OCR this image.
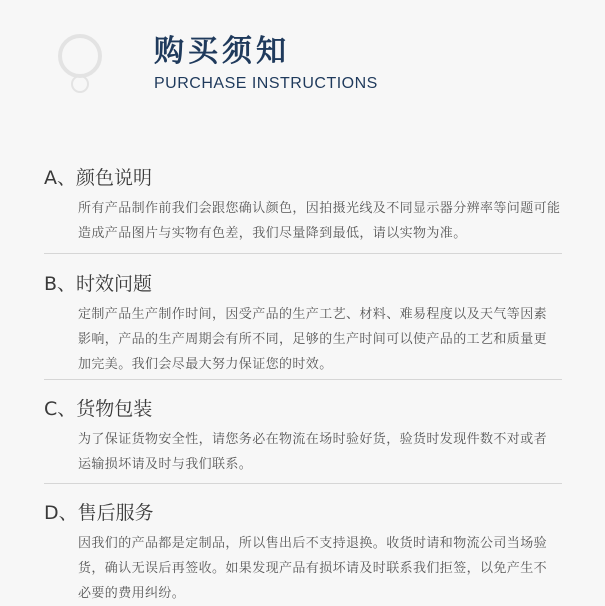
购买须知
PURCHASE INSTRUCTIONS
A、颜色说明

所有产品制作前我们会跟您确认颜色，因拍摄光线及不同显示器分辨率等问题可能

造成产品图片与实物有色差，我们尽量降到最低，请以实物为准。

B、时效问题

定制产品生产制作时间，因受产品的生产工艺、材料、难易程度以及天气等因素

影响，产品的生产周期会有所不同，足够的生产时间可以使产品的工艺和质量更

加完美。我们会尽最大努力保证您的时效。

C、货物包装

为了保证货物安全性，请您务必在物流在场时验好货，验货时发现件数不对或者

运输损坏请及时与我们联系。

D、售后服务

因我们的产品都是定制品，所以售出后不支持退换。收货时请和物流公司当场验

货，确认无误后再签收。如果发现产品有损坏请及时联系我们拒签，以免产生不

必要的费用纠纷。
